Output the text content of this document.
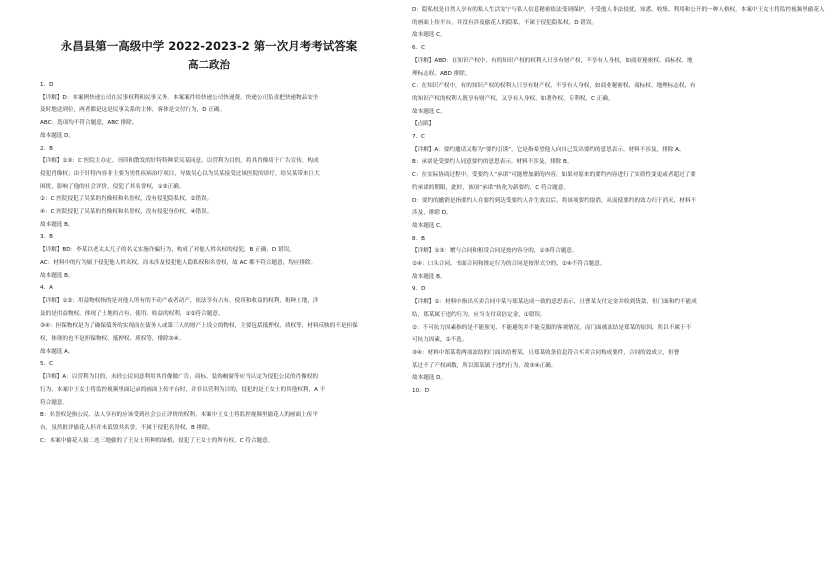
永昌县第一高级中学 2022-2023-2 第一次月考考试答案
高二政治
1．D
【详解】D：本案例快递公司在民事权利和民事义务。本案案件给快递公司快递费，快递公司负责把快递物品安全
及时地送到位，两者都是这是民事关系的主体，客体是交付行为，D 正确。
ABC：选项均不符合题意，ABC 排除。
故本题选 D。
2．B
【详解】①③：C 医院主办定、刊印和散发的针特特种采吴某同意，以营利为目的，将其肖像用于广告宣传，构成
侵犯肖像权；由于针特内容非主要为男性疾病治疗项目，导致吴心以为吴某接受过该医院的诊疗，给吴某带来巨大
困扰，影响了他的社会评价，侵犯了其名誉权，①③正确。
②：C 医院侵犯了吴某的肖像权和名誉权，没有侵犯隐私权，②错误。
④：C 医院侵犯了吴某的肖像权和名誉权，没有侵犯身份权，④错误。
故本题选 B。
3．B
【详解】BD：李某以老太太儿子的名义实施诈骗行为，构成了对他人姓名权的侵犯，B 正确，D 错误。
AC：材料中的行为属于侵犯他人姓名权，而未涉及侵犯他人隐私权和名誉权，故 AC 都不符合题意，均应排除。
故本题选 B。
4．A
【详解】①②：用益物权指的是对他人所有的不动产或者动产，依法享有占有、使用和收益的权利，租种土地，涉
及的是用益物权，体现了土地的占有、使用、收益的权利，①②符合题意。
③④：担保物权是为了确保债务的实现而在债务人或第三人的财产上设立的物权，主要包括抵押权、质权等，材料反映的不是担保
权，体现的也不是担保物权、抵押权、质权等，排除③④。
故本题选 A。
5．C
【详解】A：以营利为目的，未经公民同意利用其肖像做广告、商标、装饰橱窗等应当认定为侵犯公民的肖像权的
行为，本案中王女士将监控视频里面记录的画面上传平台时，并非以营利为目的，侵犯的是王女士的其他权利，A 不
符合题意。
B：名誉权是指公民、法人享有的应该受到社会公正评价的权利。本案中王女士将监控视频里偷花人的画面上传平
台，虽然批评偷花人但并未诋毁其名誉，不属于侵犯名誉权，B 排除。
C：本案中偷花人接二连三地偷的了王女士所种的绿植，侵犯了王女士的所有权，C 符合题意。
D：隐私权是自然人享有的私人生活安宁与私人信息秘密依法受到保护，不受他人非法侵扰、知悉、收集、利用和公开的一种人格权。本案中王女士将监控视频里偷花人
的画面上传平台，并没有涉及偷花人的隐私，不属于侵犯隐私权，D 错误。
故本题选 C。
6．C
【详解】ABD：在知识产权中，有的知识产权的权利人只享有财产权，不享有人身权，如商业秘密权、商标权、地
理标志权，ABD 排除。
C：在知识产权中，有的知识产权的权利人只享有财产权，不享有人身权，如商业秘密权、商标权、地理标志权，有
的知识产权的权利人既享有财产权，又享有人身权，如著作权、专利权，C 正确。
故本题选 C。
【点睛】
7．C
【详解】A：要约邀请又称为“要约引诱”，它是指希望他人向自己发出要约的意思表示。材料不涉及，排除 A。
B：承诺是受要约人同意要约的意思表示。材料不涉及，排除 B。
C：在实际协商过程中，受要约人“承诺”可能增加新的内容，如果对原来的要约内容进行了实质性变更或者超过了要
约承诺的期限，此时，该项“承诺”转化为新要约，C 符合题意。
D：要约的撤销是指要约人在要约到达受要约人并生效以后，将该项要约取消，从而使要约的效力归于消灭，材料不
涉及，排除 D。
故本题选 C。
8．B
【详解】①③：赠与合同和租赁合同是按内容分的，①③符合题意。
②④：口头合同、书面合同和推定行为的合同是按形式分的，②④不符合题意。
故本题选 B。
9．D
【详解】①：材料中指出买卖合同中某与郑某达成一致的意思表示，且曹某支付定金并收到货款，但门面和约不能成
结，郑某属于违约行为，应当支付双倍定金，①错误。
②：不可抗力因素指的是不能预见、不能避免并不能克服的客观情况，而门面被冻结是郑某的原因，所以不属于不
可抗力因素，②不选。
③④：材料中郑某将两项冻结的门面出给曹某，且郑某收条信息符合买卖合同构成要件，合同的效成立，但曹
某过不了产权函数，所以郑某属于违约行为，故③④正确。
故本题选 D。
10．D
